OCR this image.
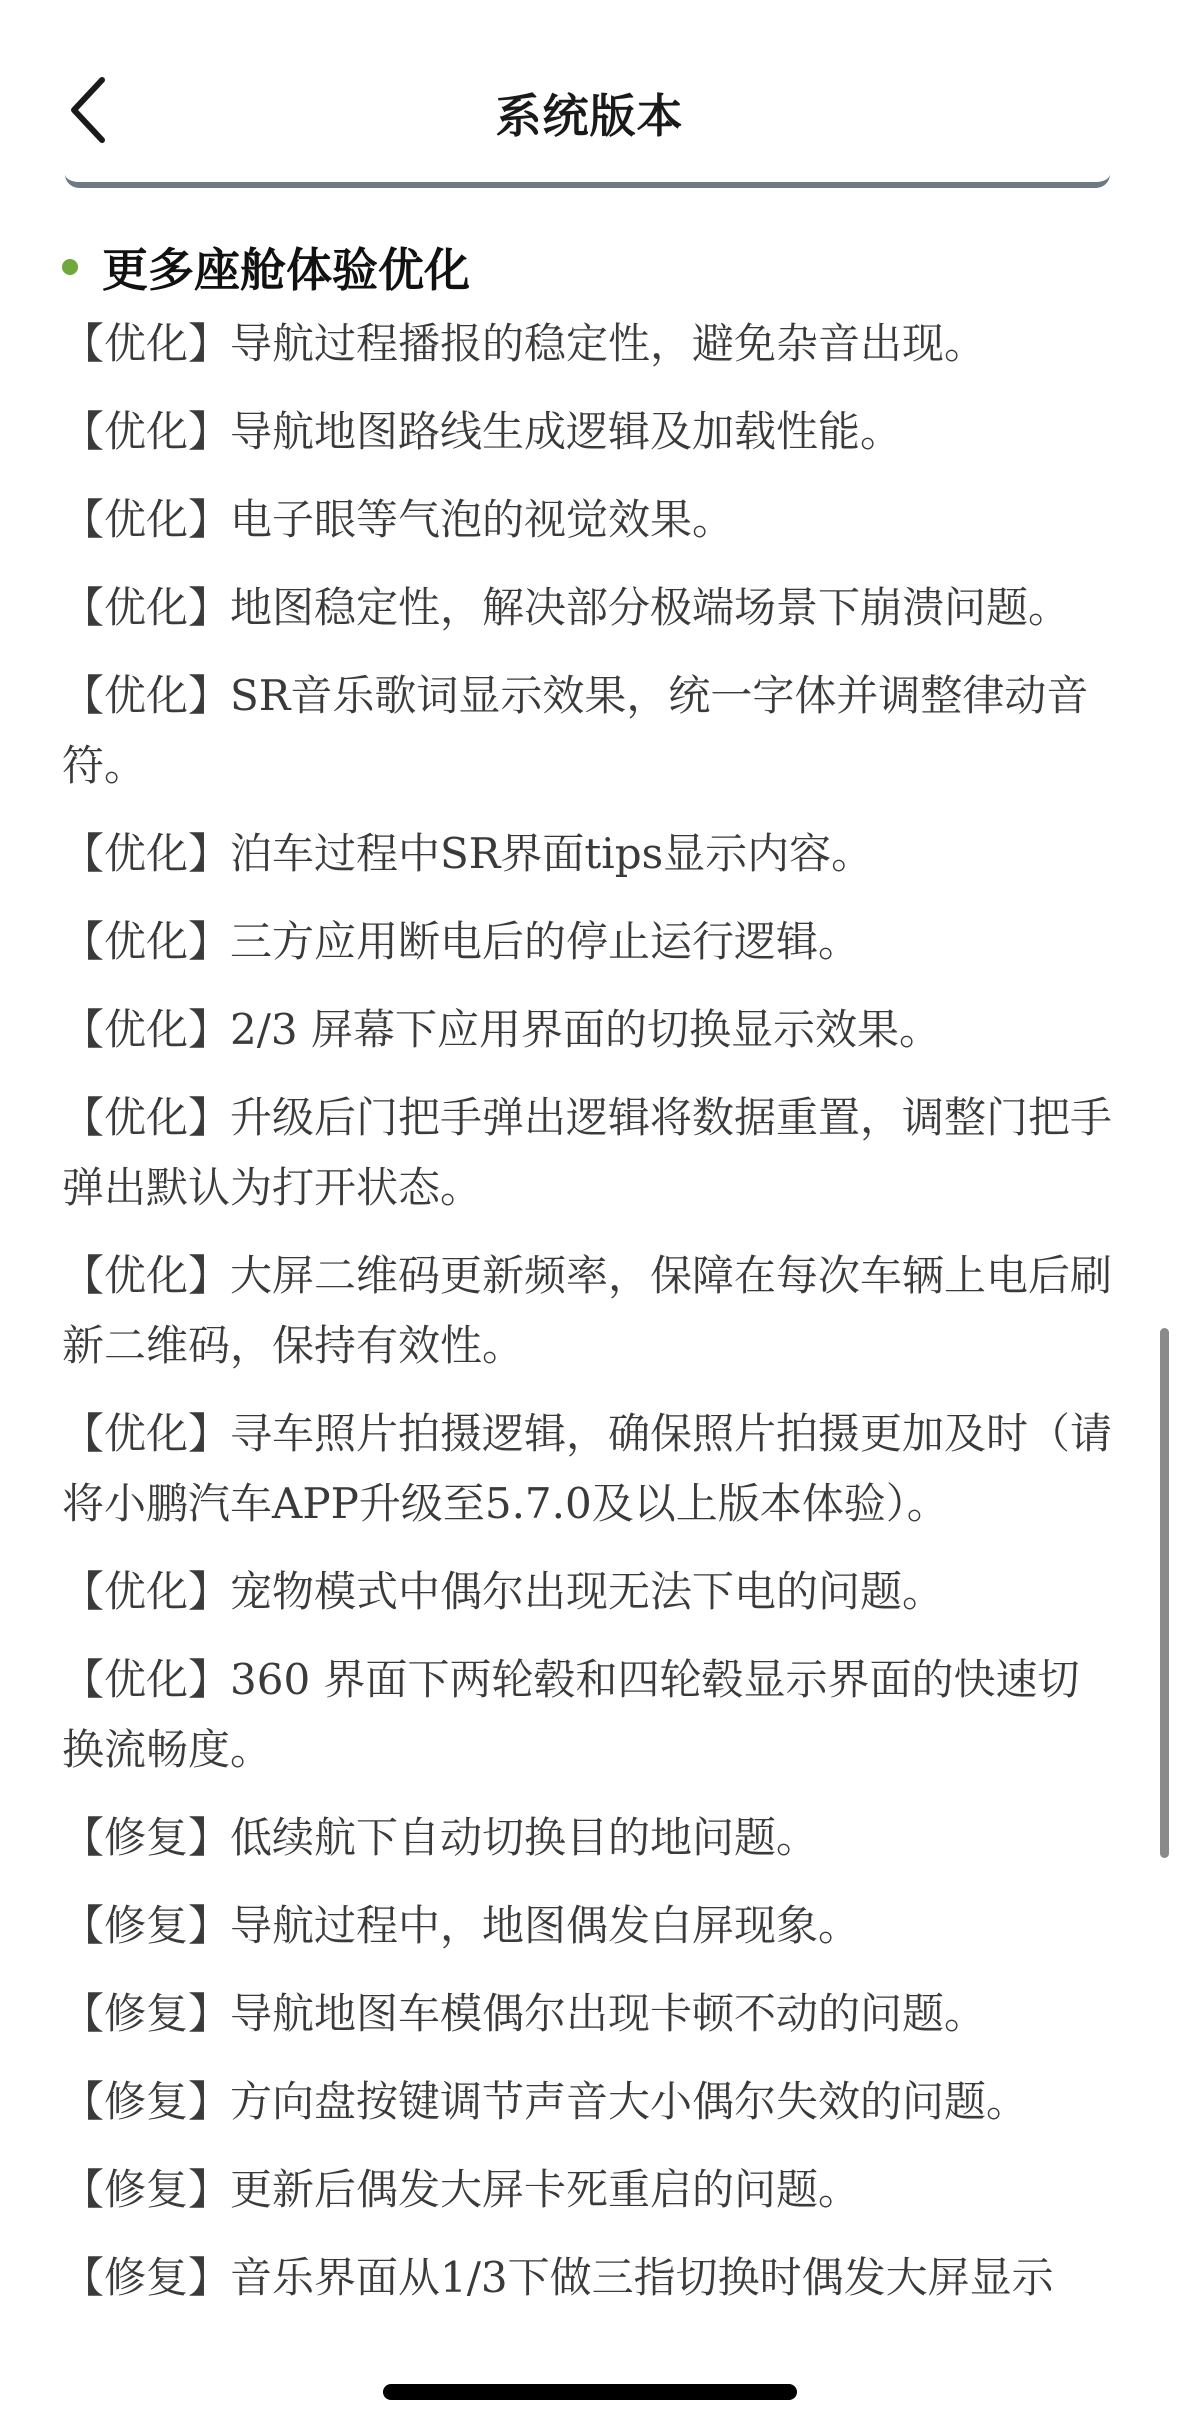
系统版本
更多座舱体验优化
【优化】导航过程播报的稳定性，避免杂音出现。
【优化】导航地图路线生成逻辑及加载性能。
【优化】电子眼等气泡的视觉效果。
【优化】地图稳定性，解决部分极端场景下崩溃问题。
【优化】SR音乐歌词显示效果，统一字体并调整律动音符。
【优化】泊车过程中SR界面tips显示内容。
【优化】三方应用断电后的停止运行逻辑。
【优化】2/3 屏幕下应用界面的切换显示效果。
【优化】升级后门把手弹出逻辑将数据重置，调整门把手弹出默认为打开状态。
【优化】大屏二维码更新频率，保障在每次车辆上电后刷新二维码，保持有效性。
【优化】寻车照片拍摄逻辑，确保照片拍摄更加及时（请将小鹏汽车APP升级至5.7.0及以上版本体验）。
【优化】宠物模式中偶尔出现无法下电的问题。
【优化】360 界面下两轮毂和四轮毂显示界面的快速切换流畅度。
【修复】低续航下自动切换目的地问题。
【修复】导航过程中，地图偶发白屏现象。
【修复】导航地图车模偶尔出现卡顿不动的问题。
【修复】方向盘按键调节声音大小偶尔失效的问题。
【修复】更新后偶发大屏卡死重启的问题。
【修复】音乐界面从1/3下做三指切换时偶发大屏显示
